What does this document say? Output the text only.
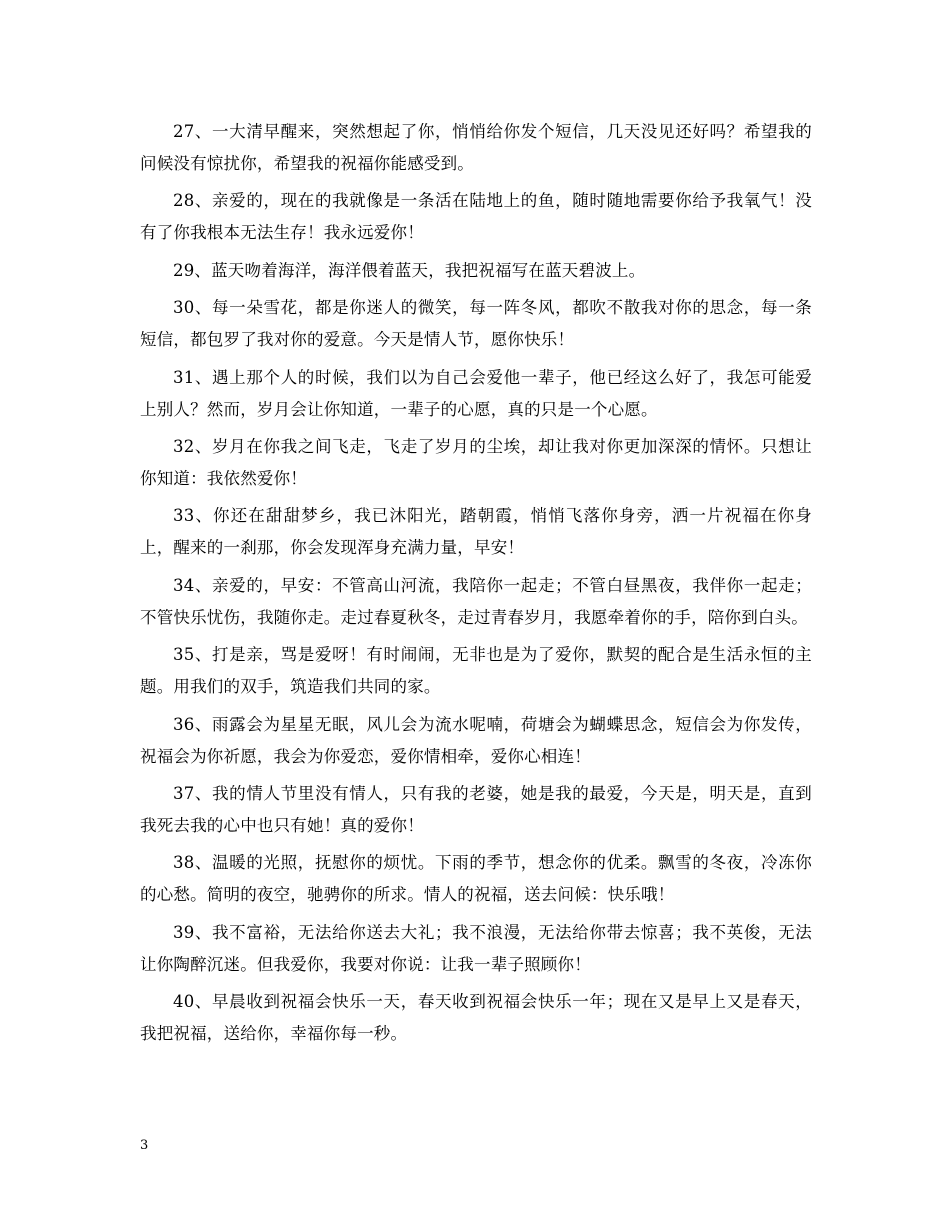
27、一大清早醒来，突然想起了你，悄悄给你发个短信，几天没见还好吗？希望我的问候没有惊扰你，希望我的祝福你能感受到。

28、亲爱的，现在的我就像是一条活在陆地上的鱼，随时随地需要你给予我氧气！没有了你我根本无法生存！我永远爱你！

29、蓝天吻着海洋，海洋偎着蓝天，我把祝福写在蓝天碧波上。

30、每一朵雪花，都是你迷人的微笑，每一阵冬风，都吹不散我对你的思念，每一条短信，都包罗了我对你的爱意。今天是情人节，愿你快乐！

31、遇上那个人的时候，我们以为自己会爱他一辈子，他已经这么好了，我怎可能爱上别人？然而，岁月会让你知道，一辈子的心愿，真的只是一个心愿。

32、岁月在你我之间飞走，飞走了岁月的尘埃，却让我对你更加深深的情怀。只想让你知道：我依然爱你！

33、你还在甜甜梦乡，我已沐阳光，踏朝霞，悄悄飞落你身旁，洒一片祝福在你身上，醒来的一刹那，你会发现浑身充满力量，早安！

34、亲爱的，早安：不管高山河流，我陪你一起走；不管白昼黑夜，我伴你一起走；不管快乐忧伤，我随你走。走过春夏秋冬，走过青春岁月，我愿牵着你的手，陪你到白头。

35、打是亲，骂是爱呀！有时闹闹，无非也是为了爱你，默契的配合是生活永恒的主题。用我们的双手，筑造我们共同的家。

36、雨露会为星星无眠，风儿会为流水呢喃，荷塘会为蝴蝶思念，短信会为你发传，祝福会为你祈愿，我会为你爱恋，爱你情相牵，爱你心相连！

37、我的情人节里没有情人，只有我的老婆，她是我的最爱，今天是，明天是，直到我死去我的心中也只有她！真的爱你！

38、温暖的光照，抚慰你的烦忧。下雨的季节，想念你的优柔。飘雪的冬夜，冷冻你的心愁。简明的夜空，驰骋你的所求。情人的祝福，送去问候：快乐哦！

39、我不富裕，无法给你送去大礼；我不浪漫，无法给你带去惊喜；我不英俊，无法让你陶醉沉迷。但我爱你，我要对你说：让我一辈子照顾你！

40、早晨收到祝福会快乐一天，春天收到祝福会快乐一年；现在又是早上又是春天，我把祝福，送给你，幸福你每一秒。

3
